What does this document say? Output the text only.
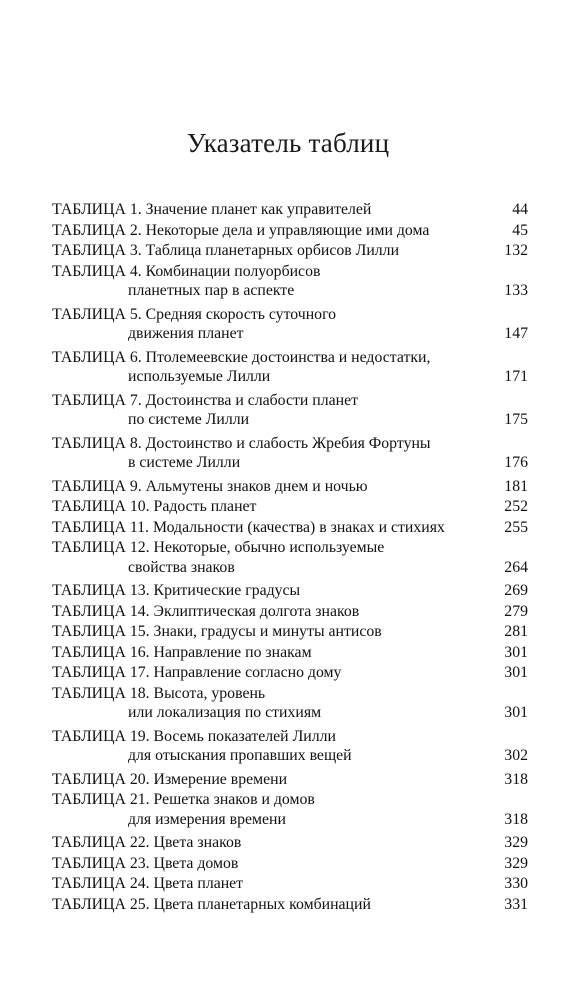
Указатель таблиц
ТАБЛИЦА 1. Значение планет как управителей	44
ТАБЛИЦА 2. Некоторые дела и управляющие ими дома	45
ТАБЛИЦА 3. Таблица планетарных орбисов Лилли	132
ТАБЛИЦА 4. Комбинации полуорбисов
планетных пар в аспекте	133
ТАБЛИЦА 5. Средняя скорость суточного
движения планет	147
ТАБЛИЦА 6. Птолемеевские достоинства и недостатки,
используемые Лилли	171
ТАБЛИЦА 7. Достоинства и слабости планет
по системе Лилли	175
ТАБЛИЦА 8. Достоинство и слабость Жребия Фортуны
в системе Лилли	176
ТАБЛИЦА 9. Альмутены знаков днем и ночью	181
ТАБЛИЦА 10. Радость планет	252
ТАБЛИЦА 11. Модальности (качества) в знаках и стихиях	255
ТАБЛИЦА 12. Некоторые, обычно используемые
свойства знаков	264
ТАБЛИЦА 13. Критические градусы	269
ТАБЛИЦА 14. Эклиптическая долгота знаков	279
ТАБЛИЦА 15. Знаки, градусы и минуты антисов	281
ТАБЛИЦА 16. Направление по знакам	301
ТАБЛИЦА 17. Направление согласно дому	301
ТАБЛИЦА 18. Высота, уровень
или локализация по стихиям	301
ТАБЛИЦА 19. Восемь показателей Лилли
для отыскания пропавших вещей	302
ТАБЛИЦА 20. Измерение времени	318
ТАБЛИЦА 21. Решетка знаков и домов
для измерения времени	318
ТАБЛИЦА 22. Цвета знаков	329
ТАБЛИЦА 23. Цвета домов	329
ТАБЛИЦА 24. Цвета планет	330
ТАБЛИЦА 25. Цвета планетарных комбинаций	331
